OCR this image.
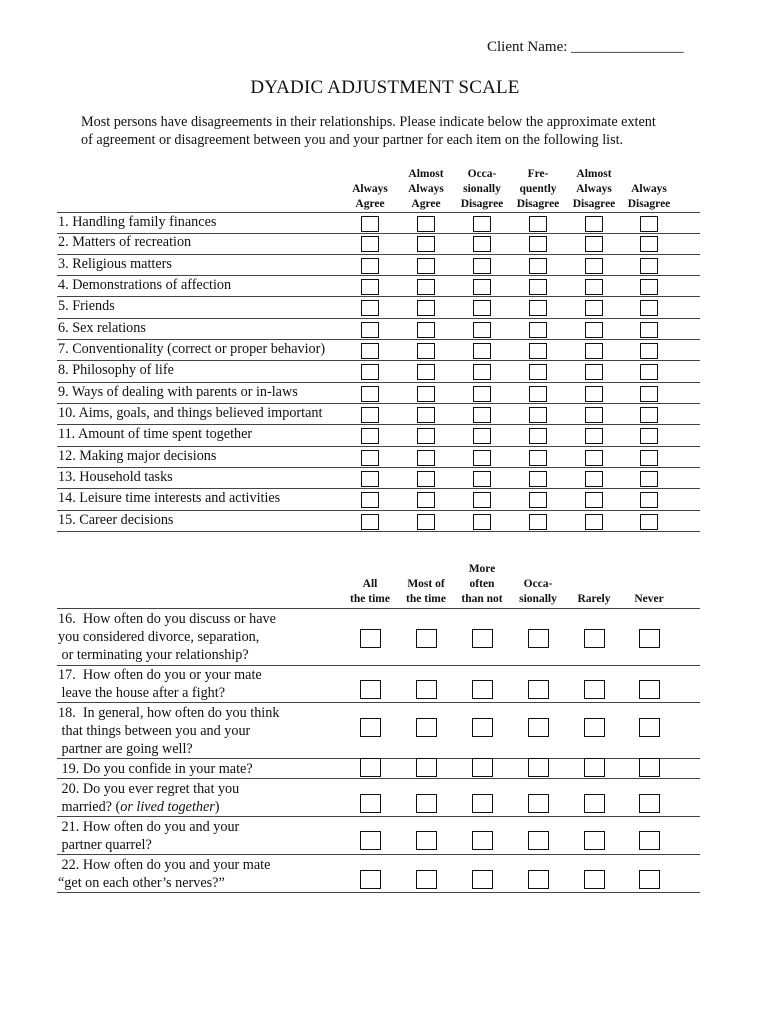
Client Name: _______________
DYADIC ADJUSTMENT SCALE
Most persons have disagreements in their relationships. Please indicate below the approximate extent
of agreement or disagreement between you and your partner for each item on the following list.

Always
Agree
Almost
Always
Agree
Occa-
sionally
Disagree
Fre-
quently
Disagree
Almost
Always
Disagree

Always
Disagree
1. Handling family finances
2. Matters of recreation
3. Religious matters
4. Demonstrations of affection
5. Friends
6. Sex relations
7. Conventionality (correct or proper behavior)
8. Philosophy of life
9. Ways of dealing with parents or in-laws
10. Aims, goals, and things believed important
11. Amount of time spent together
12. Making major decisions
13. Household tasks
14. Leisure time interests and activities
15. Career decisions

All
the time

Most of
the time
More
often
than not

Occa-
sionally

	Rarely

	Never
16.  How often do you discuss or have
you considered divorce, separation,
or terminating your relationship?
17.  How often do you or your mate
leave the house after a fight?
18.  In general, how often do you think
that things between you and your
partner are going well?
19. Do you confide in your mate?
20. Do you ever regret that you
married? (or lived together)
21. How often do you and your
partner quarrel?
22. How often do you and your mate
“get on each other’s nerves?”
